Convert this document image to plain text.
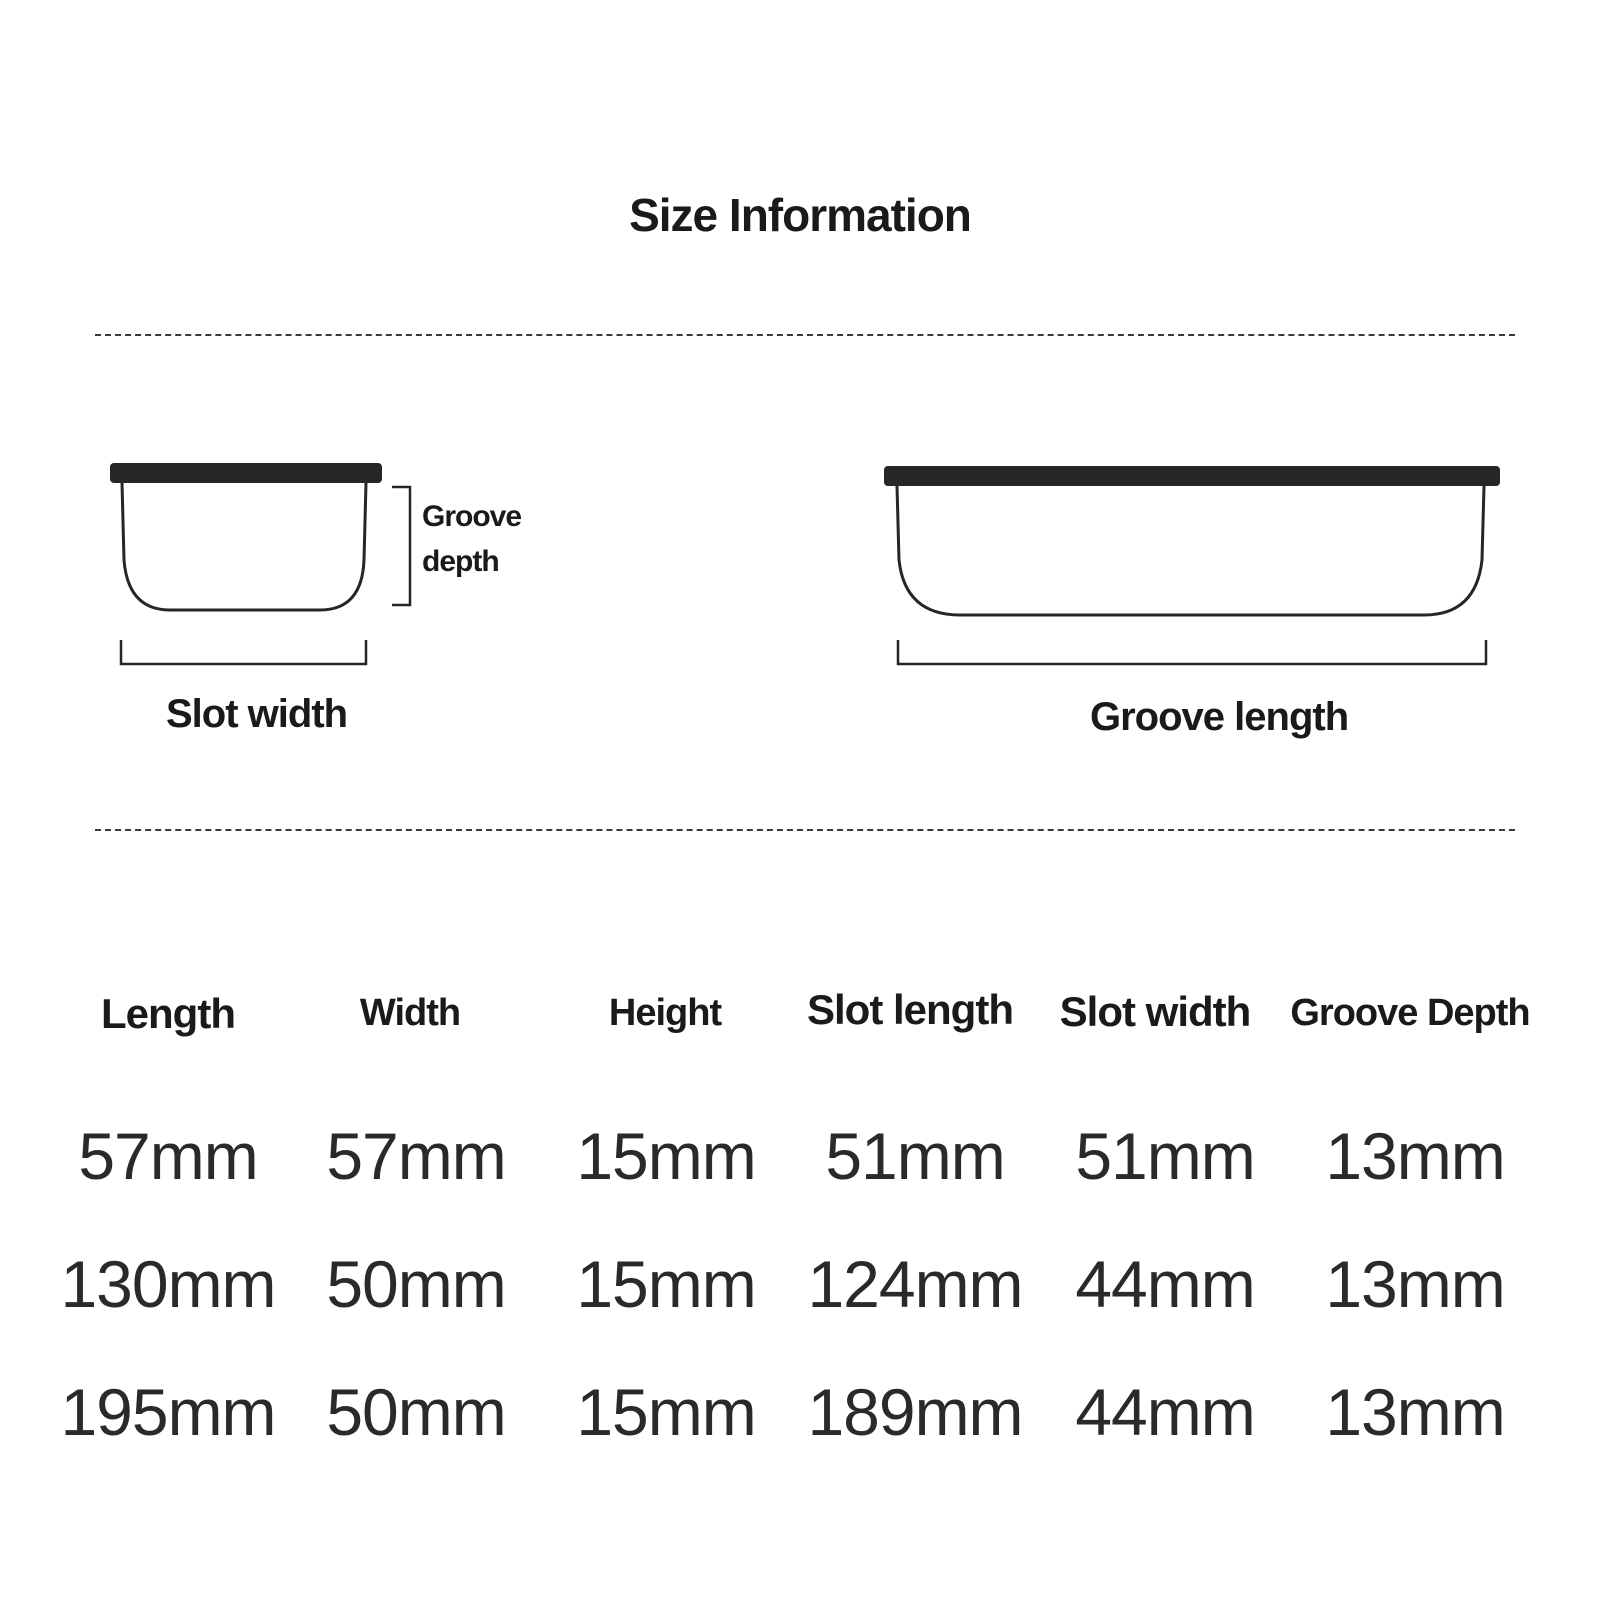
Size Information
Groove
depth
Slot width	Groove length
Length	Width	Height	Slot length	Slot width	Groove Depth
57mm	57mm	15mm	51mm	51mm	13mm
130mm 50mm	15mm 124mm 44mm	13mm
195mm 50mm	15mm 189mm 44mm	13mm
